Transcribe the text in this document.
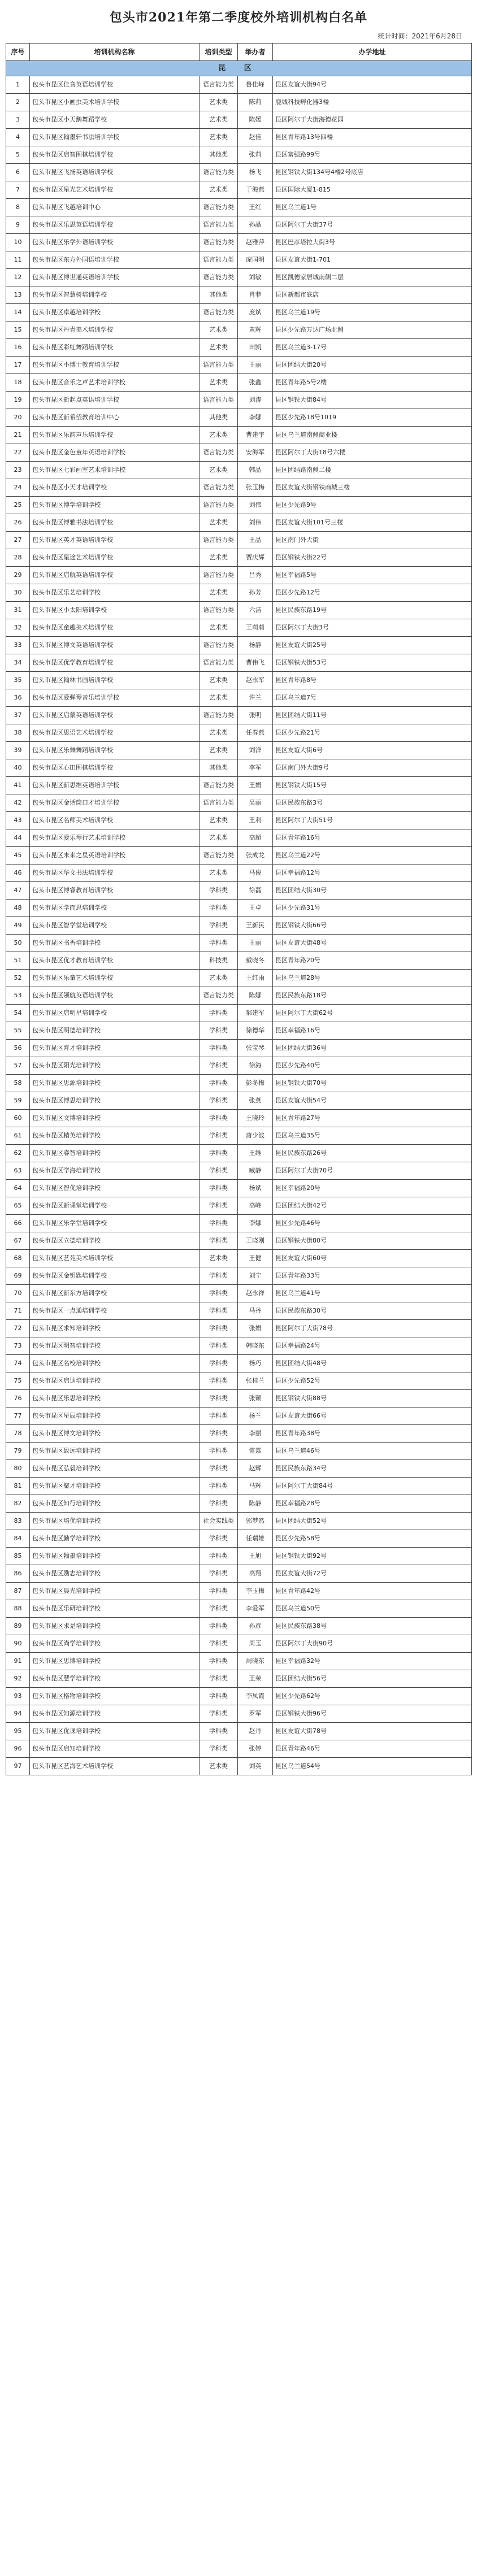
包头市2021年第二季度校外培训机构白名单
统计时间：2021年6月28日
序号	培训机构名称	培训类型	举办者	办学地址
昆 区				
1	包头市昆区佳音英语培训学校	语言能力类	鲁佳峰	昆区友谊大街94号
2	包头市昆区小画虫美术培训学校	艺术类	陈莉	鹿城科技孵化器3楼
3	包头市昆区小天鹅舞蹈学校	艺术类	陈媛	昆区阿尔丁大街海德花园
4	包头市昆区翰墨轩书法培训学校	艺术类	赵佳	昆区青年路13号四楼
5	包头市昆区启智围棋培训学校	其他类	张莉	昆区富强路99号
6	包头市昆区飞扬英语培训学校	语言能力类	杨飞	昆区钢铁大街134号4楼2号底店
7	包头市昆区星光艺术培训学校	艺术类	于海燕	昆区国际大厦1-815
8	包头市昆区飞越培训中心	语言能力类	王红	昆区乌兰道1号
9	包头市昆区乐思英语培训学校	语言能力类	孙晶	昆区阿尔丁大街37号
10	包头市昆区乐学外语培训学校	语言能力类	赵雅萍	昆区巴彦塔拉大街3号
11	包头市昆区东方外国语培训学校	语言能力类	庞国明	昆区友谊大街1-701
12	包头市昆区博世通英语培训学校	语言能力类	刘敏	昆区凯德家居城南侧二层
13	包头市昆区智慧树培训学校	其他类	肖菲	昆区新都市底店
14	包头市昆区卓越培训学校	语言能力类	庞斌	昆区乌兰道19号
15	包头市昆区丹青美术培训学校	艺术类	黄辉	昆区少先路万达广场北侧
16	包头市昆区彩虹舞蹈培训学校	艺术类	田凯	昆区乌兰道3-17号
17	包头市昆区小博士教育培训学校	语言能力类	王丽	昆区团结大街20号
18	包头市昆区音乐之声艺术培训学校	艺术类	张鑫	昆区青年路5号2楼
19	包头市昆区新起点英语培训学校	语言能力类	刘涛	昆区钢铁大街84号
20	包头市昆区新希望教育培训中心	其他类	李娜	昆区少先路18号1019
21	包头市昆区乐韵声乐培训学校	艺术类	曹建宇	昆区乌兰道南侧商业楼
22	包头市昆区金色童年英语培训学校	语言能力类	安海军	昆区阿尔丁大街18号六楼
23	包头市昆区七彩画室艺术培训学校	艺术类	韩晶	昆区团结路南侧二楼
24	包头市昆区小天才培训学校	语言能力类	张玉梅	昆区友谊大街钢铁商城三楼
25	包头市昆区博学培训学校	语言能力类	刘伟	昆区少先路9号
26	包头市昆区博雅书法培训学校	艺术类	刘伟	昆区友谊大街101号三楼
27	包头市昆区英才英语培训学校	语言能力类	王晶	昆区南门外大街
28	包头市昆区星途艺术培训学校	艺术类	贾庆辉	昆区钢铁大街22号
29	包头市昆区启航英语培训学校	语言能力类	吕秀	昆区幸福路5号
30	包头市昆区乐艺培训学校	艺术类	孙芳	昆区少先路12号
31	包头市昆区小太阳培训学校	语言能力类	六洁	昆区民族东路19号
32	包头市昆区童趣美术培训学校	艺术类	王莉莉	昆区阿尔丁大街3号
33	包头市昆区博文英语培训学校	语言能力类	杨静	昆区友谊大街25号
34	包头市昆区优学教育培训学校	语言能力类	曹伟飞	昆区钢铁大街53号
35	包头市昆区翰林书画培训学校	艺术类	赵永军	昆区青年路8号
36	包头市昆区爱弹琴音乐培训学校	艺术类	许兰	昆区乌兰道7号
37	包头市昆区启蒙英语培训学校	语言能力类	张明	昆区团结大街11号
38	包头市昆区思语艺术培训学校	艺术类	任春燕	昆区少先路21号
39	包头市昆区乐舞舞蹈培训学校	艺术类	刘洋	昆区友谊大街6号
40	包头市昆区心田围棋培训学校	其他类	李军	昆区南门外大街9号
41	包头市昆区新思维英语培训学校	语言能力类	王娟	昆区钢铁大街15号
42	包头市昆区金话筒口才培训学校	语言能力类	吴丽	昆区民族东路3号
43	包头市昆区名师美术培训学校	艺术类	王利	昆区阿尔丁大街51号
44	包头市昆区爱乐琴行艺术培训学校	艺术类	高超	昆区青年路16号
45	包头市昆区未来之星英语培训学校	语言能力类	张成龙	昆区乌兰道22号
46	包头市昆区华文书法培训学校	艺术类	马俊	昆区幸福路12号
47	包头市昆区博睿教育培训学校	学科类	徐磊	昆区团结大街30号
48	包头市昆区学而思培训学校	学科类	王卓	昆区少先路31号
49	包头市昆区智学堂培训学校	学科类	王新民	昆区钢铁大街66号
50	包头市昆区书香培训学校	学科类	王丽	昆区友谊大街48号
51	包头市昆区优才教育培训学校	科技类	戴晓冬	昆区青年路20号
52	包头市昆区乐童艺术培训学校	艺术类	王红雨	昆区乌兰道28号
53	包头市昆区领航英语培训学校	语言能力类	陈娜	昆区民族东路18号
54	包头市昆区启明星培训学校	学科类	郝建军	昆区阿尔丁大街62号
55	包头市昆区明德培训学校	学科类	徐德华	昆区幸福路16号
56	包头市昆区育才培训学校	学科类	张宝琴	昆区团结大街36号
57	包头市昆区阳光培训学校	学科类	徐海	昆区少先路40号
58	包头市昆区思源培训学校	学科类	彭冬梅	昆区钢铁大街70号
59	包头市昆区博思培训学校	学科类	张燕	昆区友谊大街54号
60	包头市昆区文博培训学校	学科类	王晓玲	昆区青年路27号
61	包头市昆区精英培训学校	学科类	唐少波	昆区乌兰道35号
62	包头市昆区睿智培训学校	学科类	王维	昆区民族东路26号
63	包头市昆区学海培训学校	学科类	臧静	昆区阿尔丁大街70号
64	包头市昆区智优培训学校	学科类	杨斌	昆区幸福路20号
65	包头市昆区新课堂培训学校	学科类	高峰	昆区团结大街42号
66	包头市昆区乐学堂培训学校	学科类	李娜	昆区少先路46号
67	包头市昆区立德培训学校	学科类	王晓刚	昆区钢铁大街80号
68	包头市昆区艺苑美术培训学校	艺术类	王健	昆区友谊大街60号
69	包头市昆区金钥匙培训学校	学科类	刘宁	昆区青年路33号
70	包头市昆区新东方培训学校	学科类	赵永祥	昆区乌兰道41号
71	包头市昆区一点通培训学校	学科类	马丹	昆区民族东路30号
72	包头市昆区求知培训学校	学科类	张娟	昆区阿尔丁大街78号
73	包头市昆区明智培训学校	学科类	韩晓东	昆区幸福路24号
74	包头市昆区名校培训学校	学科类	杨巧	昆区团结大街48号
75	包头市昆区启迪培训学校	学科类	张桂兰	昆区少先路52号
76	包头市昆区乐思培训学校	学科类	张颖	昆区钢铁大街88号
77	包头市昆区星辰培训学校	学科类	杨兰	昆区友谊大街66号
78	包头市昆区博文培训学校	学科类	李丽	昆区青年路38号
79	包头市昆区致远培训学校	学科类	雷霆	昆区乌兰道46号
80	包头市昆区弘毅培训学校	学科类	赵辉	昆区民族东路34号
81	包头市昆区聚才培训学校	学科类	马辉	昆区阿尔丁大街84号
82	包头市昆区知行培训学校	学科类	陈静	昆区幸福路28号
83	包头市昆区培优培训学校	社会实践类	郭梦然	昆区团结大街52号
84	包头市昆区勤学培训学校	学科类	任瑞雄	昆区少先路58号
85	包头市昆区翰墨培训学校	学科类	王旭	昆区钢铁大街92号
86	包头市昆区励志培训学校	学科类	高翔	昆区友谊大街72号
87	包头市昆区晨光培训学校	学科类	李玉梅	昆区青年路42号
88	包头市昆区乐研培训学校	学科类	李爱军	昆区乌兰道50号
89	包头市昆区求是培训学校	学科类	孙彦	昆区民族东路38号
90	包头市昆区尚学培训学校	学科类	周玉	昆区阿尔丁大街90号
91	包头市昆区思博培训学校	学科类	周晓东	昆区幸福路32号
92	包头市昆区慧学培训学校	学科类	王荣	昆区团结大街56号
93	包头市昆区格物培训学校	学科类	李凤霞	昆区少先路62号
94	包头市昆区知源培训学校	学科类	罗军	昆区钢铁大街96号
95	包头市昆区优课培训学校	学科类	赵丹	昆区友谊大街78号
96	包头市昆区启知培训学校	学科类	张婷	昆区青年路46号
97	包头市昆区艺海艺术培训学校	艺术类	刘英	昆区乌兰道54号
